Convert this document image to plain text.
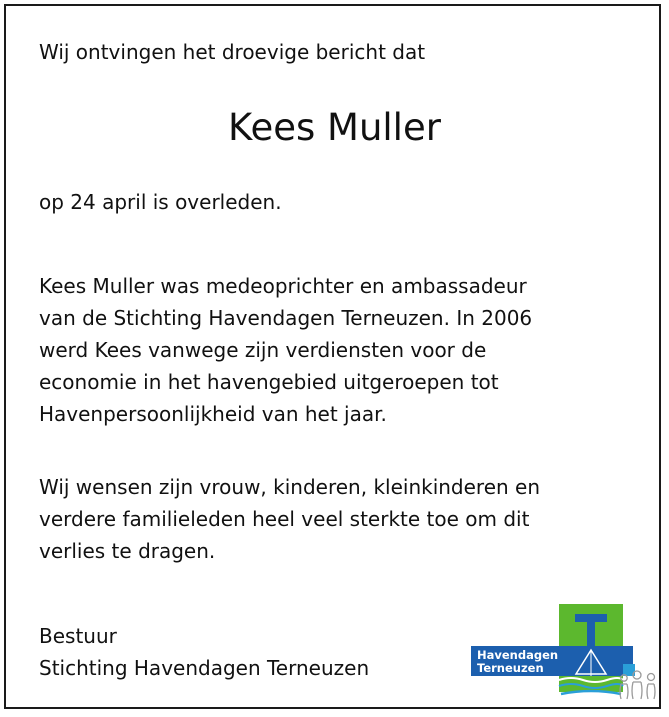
Wij ontvingen het droevige bericht dat
Kees Muller
op 24 april is overleden.
Kees Muller was medeoprichter en ambassadeur
van de Stichting Havendagen Terneuzen. In 2006
werd Kees vanwege zijn verdiensten voor de
economie in het havengebied uitgeroepen tot
Havenpersoonlijkheid van het jaar.
Wij wensen zijn vrouw, kinderen, kleinkinderen en
verdere familieleden heel veel sterkte toe om dit
verlies te dragen.
Bestuur
Stichting Havendagen Terneuzen
Havendagen
Terneuzen
